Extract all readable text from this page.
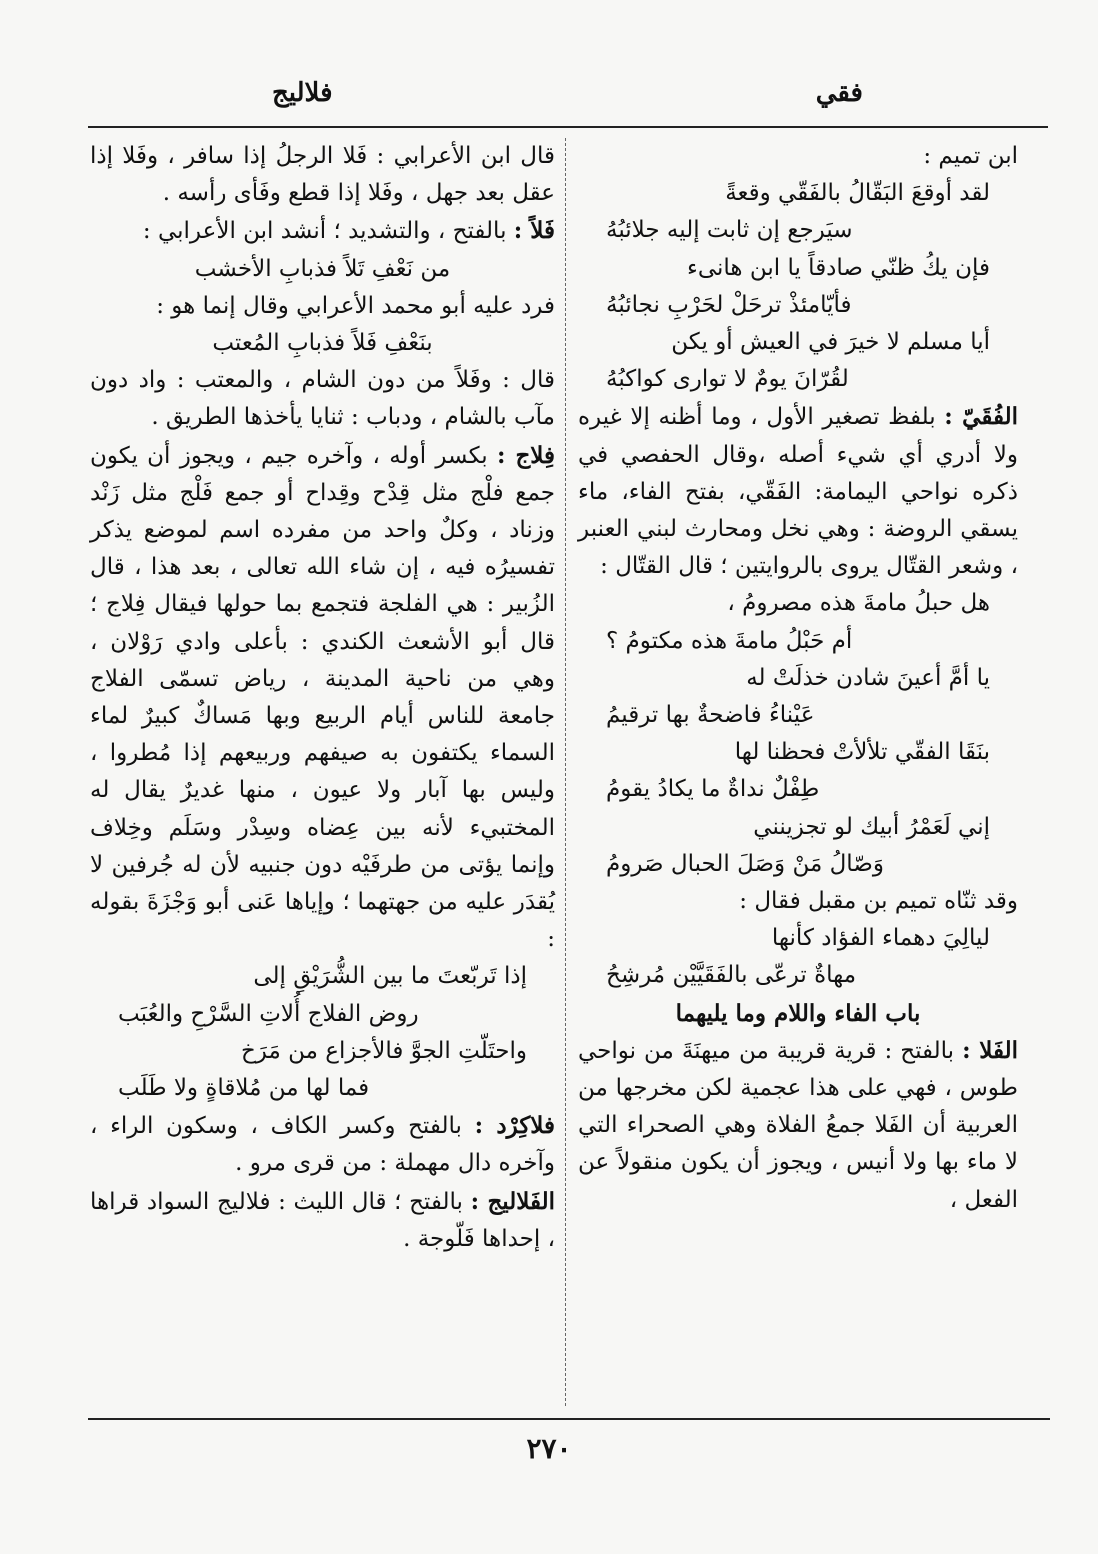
فقي
فلاليج

ابن تميم :

لقد أوقعَ البَقّالُ بالفَقّي وقعةً
سيَرجع إن ثابت إليه جلائبُهُ
فإن يكُ ظنّي صادقاً يا ابن هانىء
فأيّامئذْ ترحَلْ لحَرْبِ نجائبُهُ
أيا مسلم لا خيرَ في العيش أو يكن
لقُرّانَ يومٌ لا توارى كواكبُهُ

الفُقَيّ : بلفظ تصغير الأول ، وما أظنه إلا غيره ولا أدري أي شيء أصله ،وقال الحفصي في ذكره نواحي اليمامة: الفَقّي، بفتح الفاء، ماء يسقي الروضة : وهي نخل ومحارث لبني العنبر ، وشعر القتّال يروى بالروايتين ؛ قال القتّال :

هل حبلُ مامةَ هذه مصرومُ ،
أم حَبْلُ مامةَ هذه مكتومُ ؟
يا أمَّ أعينَ شادن خذلَتْ له
عَيْناءُ فاضحةٌ بها ترقيمُ
بنَقَا الفقّي تلألأتْ فحظنا لها
طِفْلٌ نداةٌ ما يكادُ يقومُ
إني لَعَمْرُ أبيك لو تجزينني
وَصّالُ مَنْ وَصَلَ الحبال صَرومُ

وقد ثنّاه تميم بن مقبل فقال :

ليالِيَ دهماء الفؤاد كأنها
مهاةٌ ترعّى بالفَقَيَّيْن مُرشِحُ

باب الفاء واللام وما يليهما

الفَلا : بالفتح : قرية قريبة من ميهنَةَ من نواحي طوس ، فهي على هذا عجمية لكن مخرجها من العربية أن الفَلا جمعُ الفلاة وهي الصحراء التي لا ماء بها ولا أنيس ، ويجوز أن يكون منقولاً عن الفعل ،

قال ابن الأعرابي : فَلا الرجلُ إذا سافر ، وفَلا إذا عقل بعد جهل ، وفَلا إذا قطع وفَأى رأسه .

فَلاً : بالفتح ، والتشديد ؛ أنشد ابن الأعرابي :

من نَعْفِ تَلاً فذبابِ الأخشب

فرد عليه أبو محمد الأعرابي وقال إنما هو :

بنَعْفِ فَلاً فذبابِ المُعتب

قال : وفَلاً من دون الشام ، والمعتب : واد دون مآب بالشام ، ودباب : ثنايا يأخذها الطريق .

فِلاج : بكسر أوله ، وآخره جيم ، ويجوز أن يكون جمع فلْج مثل قِدْح وقِداح أو جمع فَلْج مثل زَنْد وزناد ، وكلٌ واحد من مفرده اسم لموضع يذكر تفسيرُه فيه ، إن شاء الله تعالى ، بعد هذا ، قال الزُبير : هي الفلجة فتجمع بما حولها فيقال فِلاج ؛ قال أبو الأشعث الكندي : بأعلى وادي رَوْلان ، وهي من ناحية المدينة ، رياض تسمّى الفلاج جامعة للناس أيام الربيع وبها مَساكٌ كبيرٌ لماء السماء يكتفون به صيفهم وربيعهم إذا مُطروا ، وليس بها آبار ولا عيون ، منها غديرٌ يقال له المختبيء لأنه بين عِضاه وسِدْر وسَلَم وخِلاف وإنما يؤتى من طرفَيْه دون جنبيه لأن له جُرفين لا يُقدَر عليه من جهتهما ؛ وإياها عَنى أبو وَجْزَةَ بقوله :

إذا تَربّعتَ ما بين الشُّرَيْقِ إلى
روض الفلاج أُلاتِ السَّرْحِ والعُبَب
واحتَلّتِ الجوَّ فالأجزاع من مَرَخ
فما لها من مُلاقاةٍ ولا طَلَب

فلاكِرْد : بالفتح وكسر الكاف ، وسكون الراء ، وآخره دال مهملة : من قرى مرو .

الفَلاليج : بالفتح ؛ قال الليث : فلاليج السواد قراها ، إحداها فَلّوجة .

٢٧٠
